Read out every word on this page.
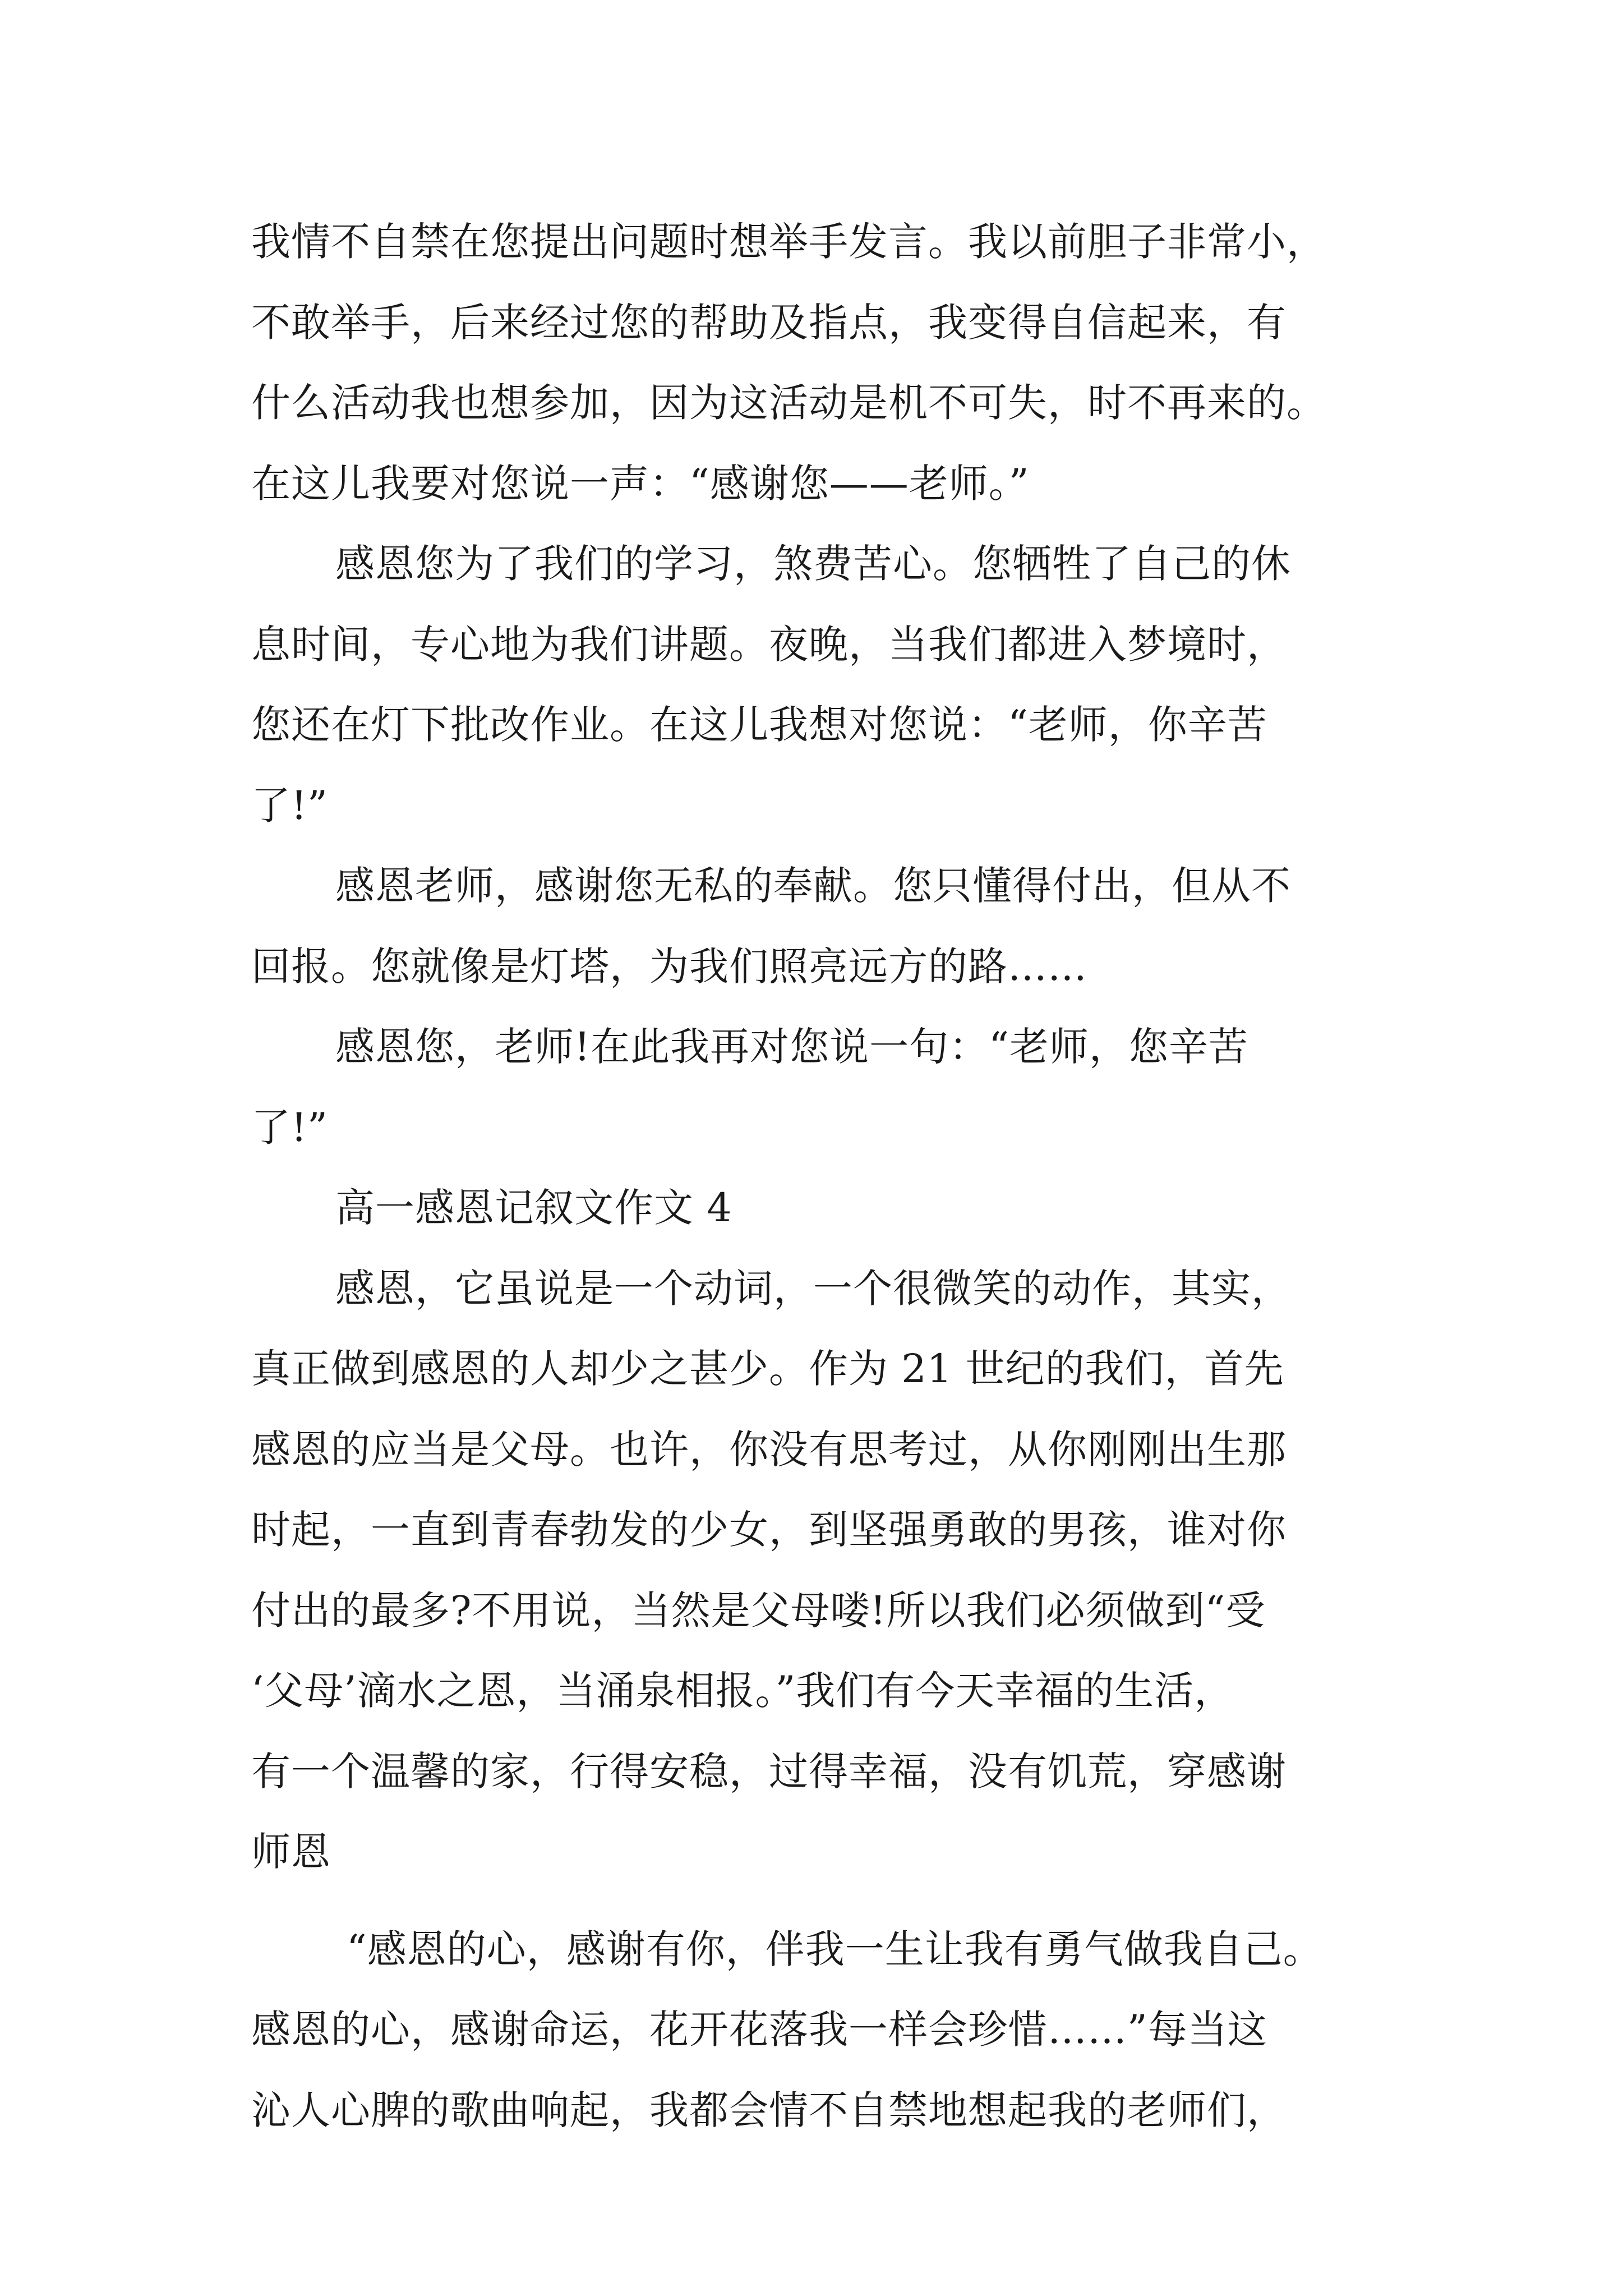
我情不自禁在您提出问题时想举手发言。我以前胆子非常小，
不敢举手，后来经过您的帮助及指点，我变得自信起来，有
什么活动我也想参加，因为这活动是机不可失，时不再来的。
在这儿我要对您说一声：“感谢您——老师。”
感恩您为了我们的学习，煞费苦心。您牺牲了自己的休
息时间，专心地为我们讲题。夜晚，当我们都进入梦境时，
您还在灯下批改作业。在这儿我想对您说：“老师，你辛苦
了!”
感恩老师，感谢您无私的奉献。您只懂得付出，但从不
回报。您就像是灯塔，为我们照亮远方的路……
感恩您，老师!在此我再对您说一句：“老师，您辛苦
了!”
高一感恩记叙文作文 4
感恩，它虽说是一个动词，一个很微笑的动作，其实，
真正做到感恩的人却少之甚少。作为 21 世纪的我们，首先
感恩的应当是父母。也许，你没有思考过，从你刚刚出生那
时起，一直到青春勃发的少女，到坚强勇敢的男孩，谁对你
付出的最多?不用说，当然是父母喽!所以我们必须做到“受
‘父母’滴水之恩，当涌泉相报。”我们有今天幸福的生活，
有一个温馨的家，行得安稳，过得幸福，没有饥荒，穿感谢
师恩
“感恩的心，感谢有你，伴我一生让我有勇气做我自己。
感恩的心，感谢命运，花开花落我一样会珍惜……”每当这
沁人心脾的歌曲响起，我都会情不自禁地想起我的老师们，
